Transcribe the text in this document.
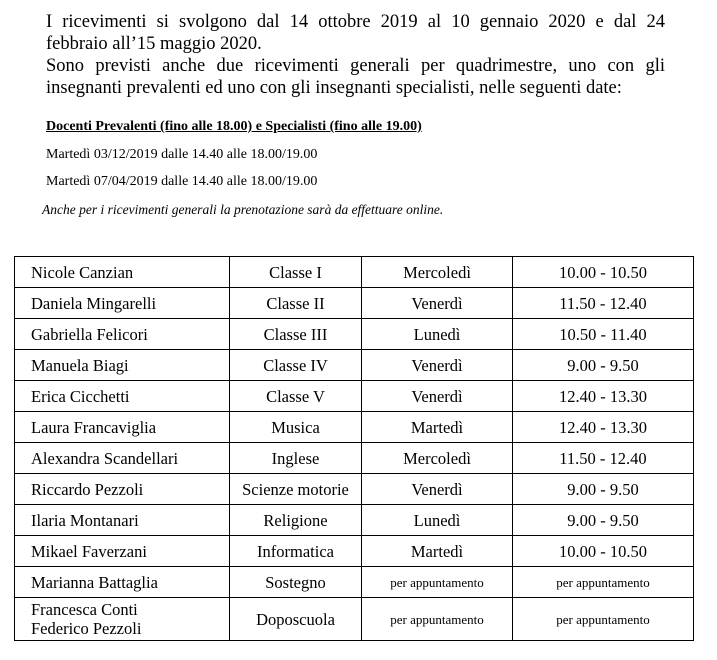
I ricevimenti si svolgono dal 14 ottobre 2019 al 10 gennaio 2020 e dal 24

febbraio all’15 maggio 2020.

Sono previsti anche due ricevimenti generali per quadrimestre, uno con gli

insegnanti prevalenti ed uno con gli insegnanti specialisti, nelle seguenti date:

Docenti Prevalenti (fino alle 18.00) e Specialisti (fino alle 19.00)

Martedì 03/12/2019 dalle 14.40 alle 18.00/19.00

Martedì 07/04/2019 dalle 14.40 alle 18.00/19.00

Anche per i ricevimenti generali la prenotazione sarà da effettuare online.

Nicole Canzian	Classe I	Mercoledì	10.00 - 10.50
Daniela Mingarelli	Classe II	Venerdì	11.50 - 12.40
Gabriella Felicori	Classe III	Lunedì	10.50 - 11.40
Manuela Biagi	Classe IV	Venerdì	9.00 - 9.50
Erica Cicchetti	Classe V	Venerdì	12.40 - 13.30
Laura Francaviglia	Musica	Martedì	12.40 - 13.30
Alexandra Scandellari	Inglese	Mercoledì	11.50 - 12.40
Riccardo Pezzoli	Scienze motorie	Venerdì	9.00 - 9.50
Ilaria Montanari	Religione	Lunedì	9.00 - 9.50
Mikael Faverzani	Informatica	Martedì	10.00 - 10.50
Marianna Battaglia	Sostegno	per appuntamento	per appuntamento

Francesca Conti
Federico Pezzoli	Doposcuola	per appuntamento	per appuntamento
